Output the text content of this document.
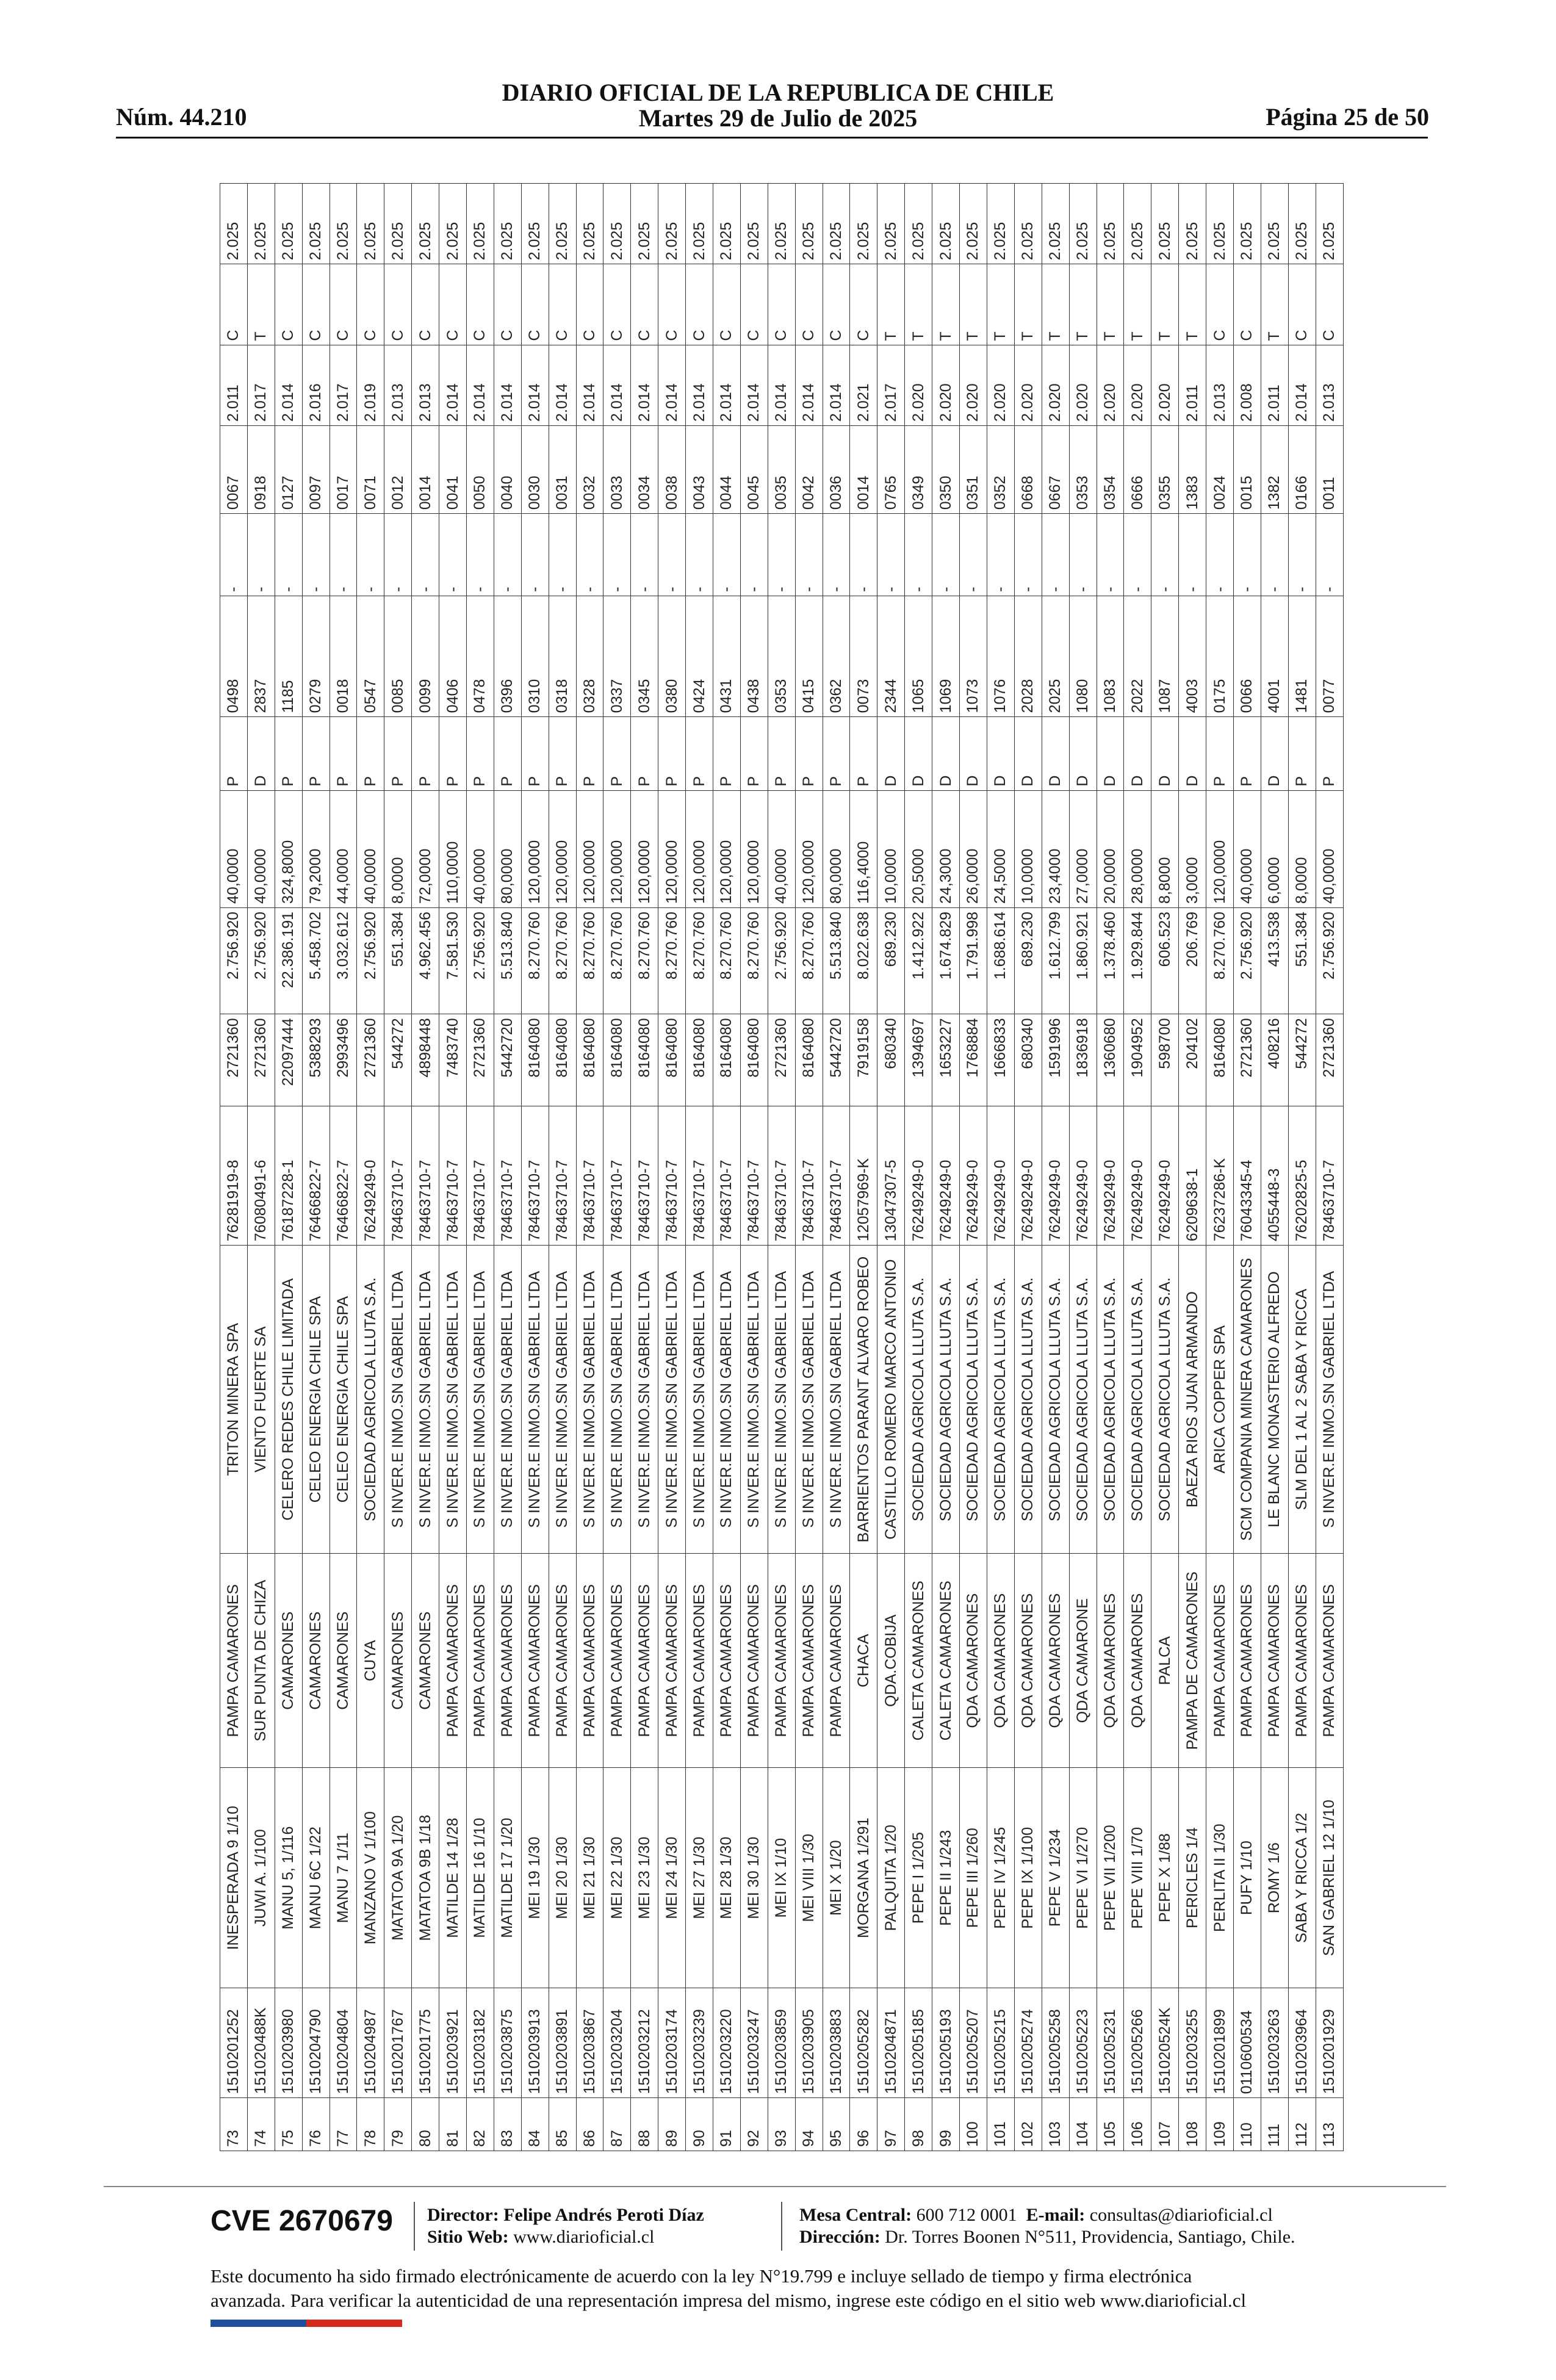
Núm. 44.210
DIARIO OFICIAL DE LA REPUBLICA DE CHILE
Martes 29 de Julio de 2025	Página 25 de 50
73	1510201252	INESPERADA 9 1/10	PAMPA CAMARONES	TRITON MINERA SPA	76281919-8	2721360	2.756.920	40,0000	P	0498	-	0067	2.011	C	2.025
74	151020488K	JUWI A. 1/100	SUR PUNTA DE CHIZA	VIENTO FUERTE SA	76080491-6	2721360	2.756.920	40,0000	D	2837	-	0918	2.017	T	2.025
75	1510203980	MANU 5, 1/116	CAMARONES	CELERO REDES CHILE LIMITADA	76187228-1	22097444	22.386.191	324,8000	P	1185	-	0127	2.014	C	2.025
76	1510204790	MANU 6C 1/22	CAMARONES	CELEO ENERGIA CHILE SPA	76466822-7	5388293	5.458.702	79,2000	P	0279	-	0097	2.016	C	2.025
77	1510204804	MANU 7 1/11	CAMARONES	CELEO ENERGIA CHILE SPA	76466822-7	2993496	3.032.612	44,0000	P	0018	-	0017	2.017	C	2.025
78	1510204987	MANZANO V 1/100	CUYA	SOCIEDAD AGRICOLA LLUTA S.A.	76249249-0	2721360	2.756.920	40,0000	P	0547	-	0071	2.019	C	2.025
79	1510201767	MATATOA 9A 1/20	CAMARONES	S INVER.E INMO.SN GABRIEL LTDA	78463710-7	544272	551.384	8,0000	P	0085	-	0012	2.013	C	2.025
80	1510201775	MATATOA 9B 1/18	CAMARONES	S INVER.E INMO.SN GABRIEL LTDA	78463710-7	4898448	4.962.456	72,0000	P	0099	-	0014	2.013	C	2.025
81	1510203921	MATILDE 14 1/28	PAMPA CAMARONES	S INVER.E INMO.SN GABRIEL LTDA	78463710-7	7483740	7.581.530	110,0000	P	0406	-	0041	2.014	C	2.025
82	1510203182	MATILDE 16 1/10	PAMPA CAMARONES	S INVER.E INMO.SN GABRIEL LTDA	78463710-7	2721360	2.756.920	40,0000	P	0478	-	0050	2.014	C	2.025
83	1510203875	MATILDE 17 1/20	PAMPA CAMARONES	S INVER.E INMO.SN GABRIEL LTDA	78463710-7	5442720	5.513.840	80,0000	P	0396	-	0040	2.014	C	2.025
84	1510203913	MEI 19 1/30	PAMPA CAMARONES	S INVER.E INMO.SN GABRIEL LTDA	78463710-7	8164080	8.270.760	120,0000	P	0310	-	0030	2.014	C	2.025
85	1510203891	MEI 20 1/30	PAMPA CAMARONES	S INVER.E INMO.SN GABRIEL LTDA	78463710-7	8164080	8.270.760	120,0000	P	0318	-	0031	2.014	C	2.025
86	1510203867	MEI 21 1/30	PAMPA CAMARONES	S INVER.E INMO.SN GABRIEL LTDA	78463710-7	8164080	8.270.760	120,0000	P	0328	-	0032	2.014	C	2.025
87	1510203204	MEI 22 1/30	PAMPA CAMARONES	S INVER.E INMO.SN GABRIEL LTDA	78463710-7	8164080	8.270.760	120,0000	P	0337	-	0033	2.014	C	2.025
88	1510203212	MEI 23 1/30	PAMPA CAMARONES	S INVER.E INMO.SN GABRIEL LTDA	78463710-7	8164080	8.270.760	120,0000	P	0345	-	0034	2.014	C	2.025
89	1510203174	MEI 24 1/30	PAMPA CAMARONES	S INVER.E INMO.SN GABRIEL LTDA	78463710-7	8164080	8.270.760	120,0000	P	0380	-	0038	2.014	C	2.025
90	1510203239	MEI 27 1/30	PAMPA CAMARONES	S INVER.E INMO.SN GABRIEL LTDA	78463710-7	8164080	8.270.760	120,0000	P	0424	-	0043	2.014	C	2.025
91	1510203220	MEI 28 1/30	PAMPA CAMARONES	S INVER.E INMO.SN GABRIEL LTDA	78463710-7	8164080	8.270.760	120,0000	P	0431	-	0044	2.014	C	2.025
92	1510203247	MEI 30 1/30	PAMPA CAMARONES	S INVER.E INMO.SN GABRIEL LTDA	78463710-7	8164080	8.270.760	120,0000	P	0438	-	0045	2.014	C	2.025
93	1510203859	MEI IX 1/10	PAMPA CAMARONES	S INVER.E INMO.SN GABRIEL LTDA	78463710-7	2721360	2.756.920	40,0000	P	0353	-	0035	2.014	C	2.025
94	1510203905	MEI VIII 1/30	PAMPA CAMARONES	S INVER.E INMO.SN GABRIEL LTDA	78463710-7	8164080	8.270.760	120,0000	P	0415	-	0042	2.014	C	2.025
95	1510203883	MEI X 1/20	PAMPA CAMARONES	S INVER.E INMO.SN GABRIEL LTDA	78463710-7	5442720	5.513.840	80,0000	P	0362	-	0036	2.014	C	2.025
96	1510205282	MORGANA 1/291	CHACA	BARRIENTOS PARANT ALVARO ROBEO	12057969-K	7919158	8.022.638	116,4000	P	0073	-	0014	2.021	C	2.025
97	1510204871	PALQUITA 1/20	QDA.COBIJA	CASTILLO ROMERO MARCO ANTONIO	13047307-5	680340	689.230	10,0000	D	2344	-	0765	2.017	T	2.025
98	1510205185	PEPE I 1/205	CALETA CAMARONES	SOCIEDAD AGRICOLA LLUTA S.A.	76249249-0	1394697	1.412.922	20,5000	D	1065	-	0349	2.020	T	2.025
99	1510205193	PEPE II 1/243	CALETA CAMARONES	SOCIEDAD AGRICOLA LLUTA S.A.	76249249-0	1653227	1.674.829	24,3000	D	1069	-	0350	2.020	T	2.025
100	1510205207	PEPE III 1/260	QDA CAMARONES	SOCIEDAD AGRICOLA LLUTA S.A.	76249249-0	1768884	1.791.998	26,0000	D	1073	-	0351	2.020	T	2.025
101	1510205215	PEPE IV 1/245	QDA CAMARONES	SOCIEDAD AGRICOLA LLUTA S.A.	76249249-0	1666833	1.688.614	24,5000	D	1076	-	0352	2.020	T	2.025
102	1510205274	PEPE IX 1/100	QDA CAMARONES	SOCIEDAD AGRICOLA LLUTA S.A.	76249249-0	680340	689.230	10,0000	D	2028	-	0668	2.020	T	2.025
103	1510205258	PEPE V 1/234	QDA CAMARONES	SOCIEDAD AGRICOLA LLUTA S.A.	76249249-0	1591996	1.612.799	23,4000	D	2025	-	0667	2.020	T	2.025
104	1510205223	PEPE VI 1/270	QDA CAMARONE	SOCIEDAD AGRICOLA LLUTA S.A.	76249249-0	1836918	1.860.921	27,0000	D	1080	-	0353	2.020	T	2.025
105	1510205231	PEPE VII 1/200	QDA CAMARONES	SOCIEDAD AGRICOLA LLUTA S.A.	76249249-0	1360680	1.378.460	20,0000	D	1083	-	0354	2.020	T	2.025
106	1510205266	PEPE VIII 1/70	QDA CAMARONES	SOCIEDAD AGRICOLA LLUTA S.A.	76249249-0	1904952	1.929.844	28,0000	D	2022	-	0666	2.020	T	2.025
107	151020524K	PEPE X 1/88	PALCA	SOCIEDAD AGRICOLA LLUTA S.A.	76249249-0	598700	606.523	8,8000	D	1087	-	0355	2.020	T	2.025
108	1510203255	PERICLES 1/4	PAMPA DE CAMARONES	BAEZA RIOS JUAN ARMANDO	6209638-1	204102	206.769	3,0000	D	4003	-	1383	2.011	T	2.025
109	1510201899	PERLITA II 1/30	PAMPA CAMARONES	ARICA COPPER SPA	76237286-K	8164080	8.270.760	120,0000	P	0175	-	0024	2.013	C	2.025
110	0110600534	PUFY 1/10	PAMPA CAMARONES	SCM COMPANIA MINERA CAMARONES	76043345-4	2721360	2.756.920	40,0000	P	0066	-	0015	2.008	C	2.025
111	1510203263	ROMY 1/6	PAMPA CAMARONES	LE BLANC MONASTERIO ALFREDO	4055448-3	408216	413.538	6,0000	D	4001	-	1382	2.011	T	2.025
112	1510203964	SABA Y RICCA 1/2	PAMPA CAMARONES	SLM DEL 1 AL 2 SABA Y RICCA	76202825-5	544272	551.384	8,0000	P	1481	-	0166	2.014	C	2.025
113	1510201929	SAN GABRIEL 12 1/10	PAMPA CAMARONES	S INVER.E INMO.SN GABRIEL LTDA	78463710-7	2721360	2.756.920	40,0000	P	0077	-	0011	2.013	C	2.025
CVE 2670679 Director: Felipe Andrés Peroti Díaz
Sitio Web: www.diarioficial.cl
Mesa Central: 600 712 0001 E-mail: consultas@diarioficial.cl
Dirección: Dr. Torres Boonen N°511, Providencia, Santiago, Chile.
Este documento ha sido firmado electrónicamente de acuerdo con la ley N°19.799 e incluye sellado de tiempo y firma electrónica
avanzada. Para verificar la autenticidad de una representación impresa del mismo, ingrese este código en el sitio web www.diarioficial.cl
